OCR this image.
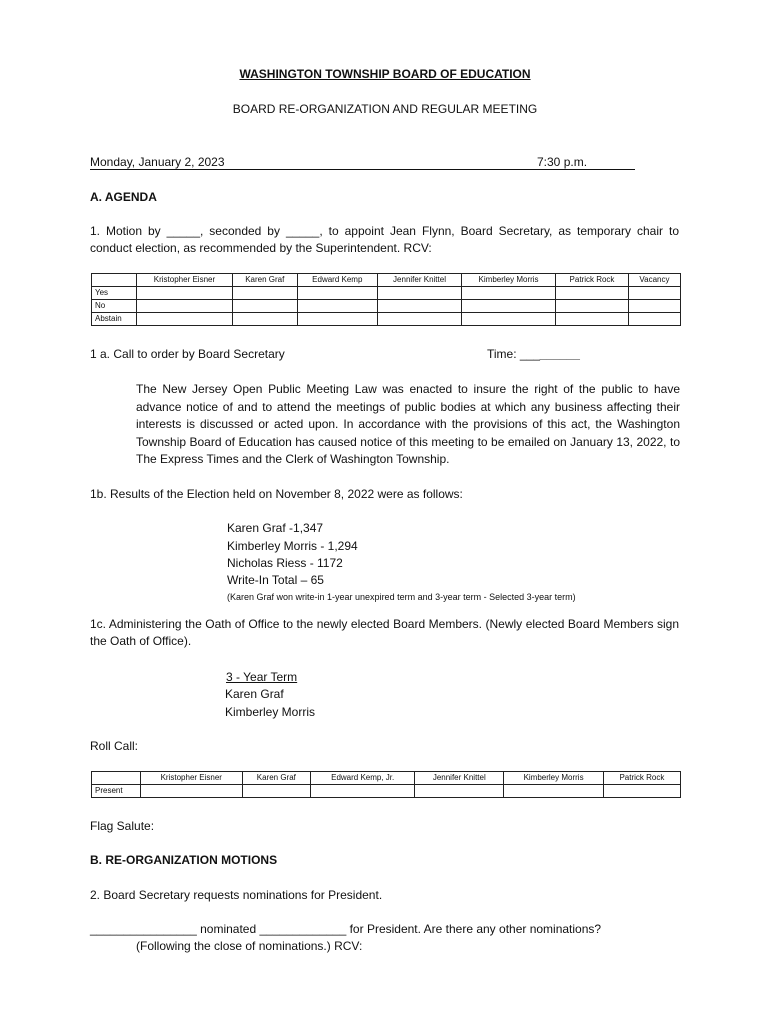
WASHINGTON TOWNSHIP BOARD OF EDUCATION
BOARD RE-ORGANIZATION AND REGULAR MEETING
Monday, January 2, 2023	7:30 p.m.
A. AGENDA
1. Motion by _____, seconded by _____, to appoint Jean Flynn, Board Secretary, as temporary chair to conduct election, as recommended by the Superintendent. RCV:
	Kristopher Eisner	Karen Graf	Edward Kemp	Jennifer Knittel	Kimberley Morris	Patrick Rock	Vacancy
Yes							
No							
Abstain							
1 a. Call to order by Board Secretary	Time: _________
The New Jersey Open Public Meeting Law was enacted to insure the right of the public to have advance notice of and to attend the meetings of public bodies at which any business affecting their interests is discussed or acted upon. In accordance with the provisions of this act, the Washington Township Board of Education has caused notice of this meeting to be emailed on January 13, 2022, to The Express Times and the Clerk of Washington Township.
1b. Results of the Election held on November 8, 2022 were as follows:
Karen Graf -1,347
Kimberley Morris - 1,294
Nicholas Riess - 1172
Write-In Total – 65
(Karen Graf won write-in 1-year unexpired term and 3-year term - Selected 3-year term)
1c. Administering the Oath of Office to the newly elected Board Members. (Newly elected Board Members sign the Oath of Office).
3 - Year Term
Karen Graf
Kimberley Morris
Roll Call:
	Kristopher Eisner	Karen Graf	Edward Kemp, Jr.	Jennifer Knittel	Kimberley Morris	Patrick Rock
Present						
Flag Salute:
B. RE-ORGANIZATION MOTIONS
2. Board Secretary requests nominations for President.
________________ nominated _____________ for President. Are there any other nominations?
(Following the close of nominations.) RCV:
